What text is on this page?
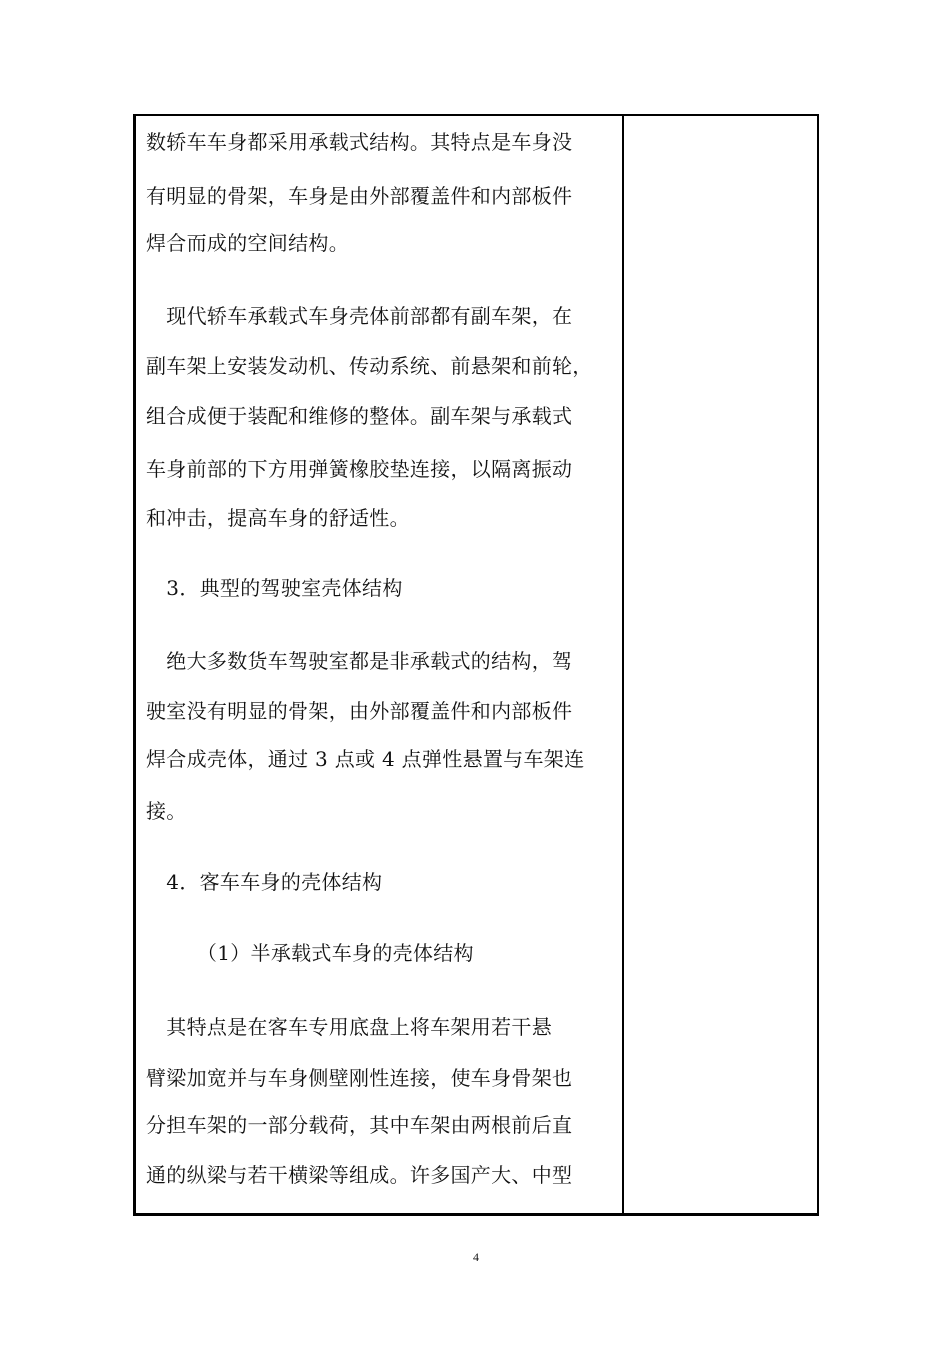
数轿车车身都采用承载式结构。其特点是车身没
有明显的骨架，车身是由外部覆盖件和内部板件
焊合而成的空间结构。
　现代轿车承载式车身壳体前部都有副车架，在
副车架上安装发动机、传动系统、前悬架和前轮，
组合成便于装配和维修的整体。副车架与承载式
车身前部的下方用弹簧橡胶垫连接，以隔离振动
和冲击，提高车身的舒适性。
　3．典型的驾驶室壳体结构
　绝大多数货车驾驶室都是非承载式的结构，驾
驶室没有明显的骨架，由外部覆盖件和内部板件
焊合成壳体，通过 3 点或 4 点弹性悬置与车架连
接。
　4．客车车身的壳体结构
　　　（1）半承载式车身的壳体结构
　其特点是在客车专用底盘上将车架用若干悬
臂梁加宽并与车身侧壁刚性连接，使车身骨架也
分担车架的一部分载荷，其中车架由两根前后直
通的纵梁与若干横梁等组成。许多国产大、中型
4
